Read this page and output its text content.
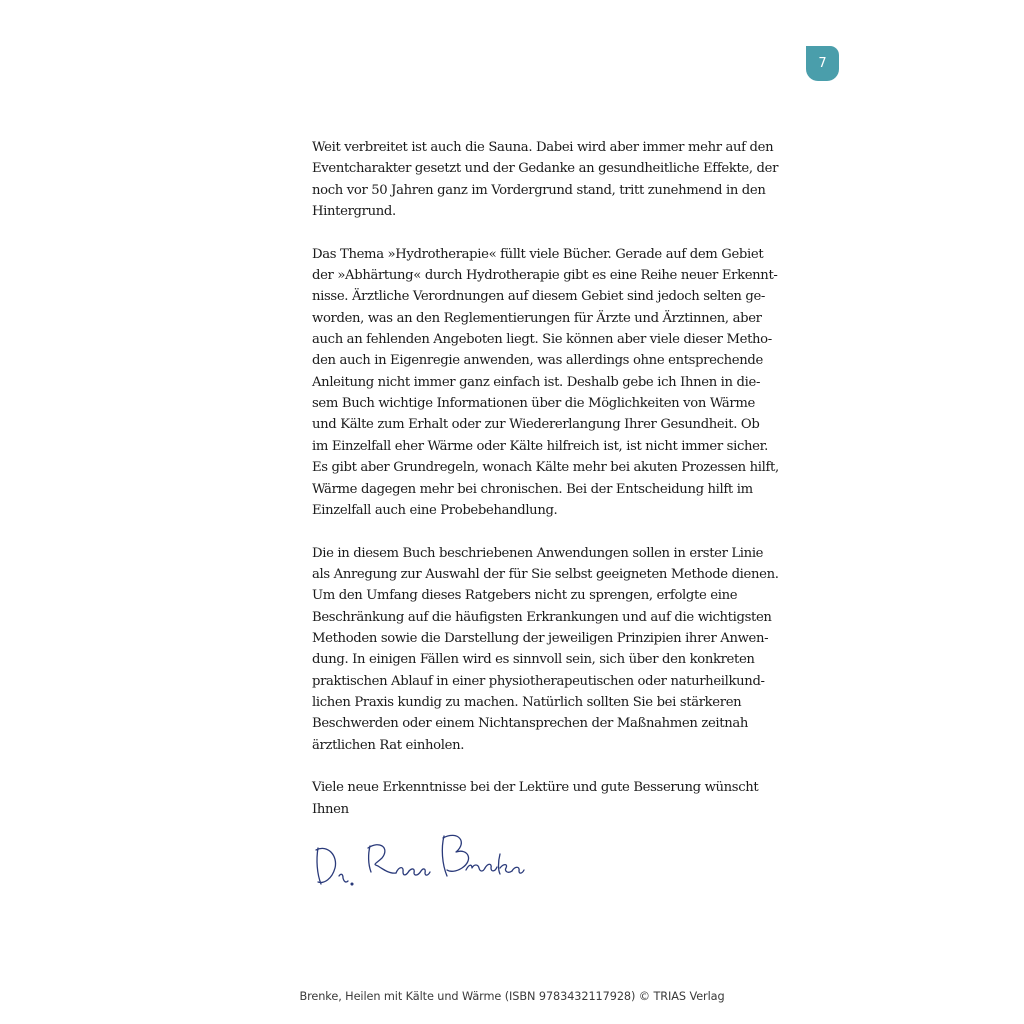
7

Weit verbreitet ist auch die Sauna. Dabei wird aber immer mehr auf den
Eventcharakter gesetzt und der Gedanke an gesundheitliche Effekte, der
noch vor 50 Jahren ganz im Vordergrund stand, tritt zunehmend in den
Hintergrund.

Das Thema »Hydrotherapie« füllt viele Bücher. Gerade auf dem Gebiet
der »Abhärtung« durch Hydrotherapie gibt es eine Reihe neuer Erkennt-
nisse. Ärztliche Verordnungen auf diesem Gebiet sind jedoch selten ge-
worden, was an den Reglementierungen für Ärzte und Ärztinnen, aber
auch an fehlenden Angeboten liegt. Sie können aber viele dieser Metho-
den auch in Eigenregie anwenden, was allerdings ohne entsprechende
Anleitung nicht immer ganz einfach ist. Deshalb gebe ich Ihnen in die-
sem Buch wichtige Informationen über die Möglichkeiten von Wärme
und Kälte zum Erhalt oder zur Wiedererlangung Ihrer Gesundheit. Ob
im Einzelfall eher Wärme oder Kälte hilfreich ist, ist nicht immer sicher.
Es gibt aber Grundregeln, wonach Kälte mehr bei akuten Prozessen hilft,
Wärme dagegen mehr bei chronischen. Bei der Entscheidung hilft im
Einzelfall auch eine Probebehandlung.

Die in diesem Buch beschriebenen Anwendungen sollen in erster Linie
als Anregung zur Auswahl der für Sie selbst geeigneten Methode dienen.
Um den Umfang dieses Ratgebers nicht zu sprengen, erfolgte eine
Beschränkung auf die häufigsten Erkrankungen und auf die wichtigsten
Methoden sowie die Darstellung der jeweiligen Prinzipien ihrer Anwen-
dung. In einigen Fällen wird es sinnvoll sein, sich über den konkreten
praktischen Ablauf in einer physiotherapeutischen oder naturheilkund-
lichen Praxis kundig zu machen. Natürlich sollten Sie bei stärkeren
Beschwerden oder einem Nichtansprechen der Maßnahmen zeitnah
ärztlichen Rat einholen.

Viele neue Erkenntnisse bei der Lektüre und gute Besserung wünscht
Ihnen

Brenke, Heilen mit Kälte und Wärme (ISBN 9783432117928) © TRIAS Verlag
